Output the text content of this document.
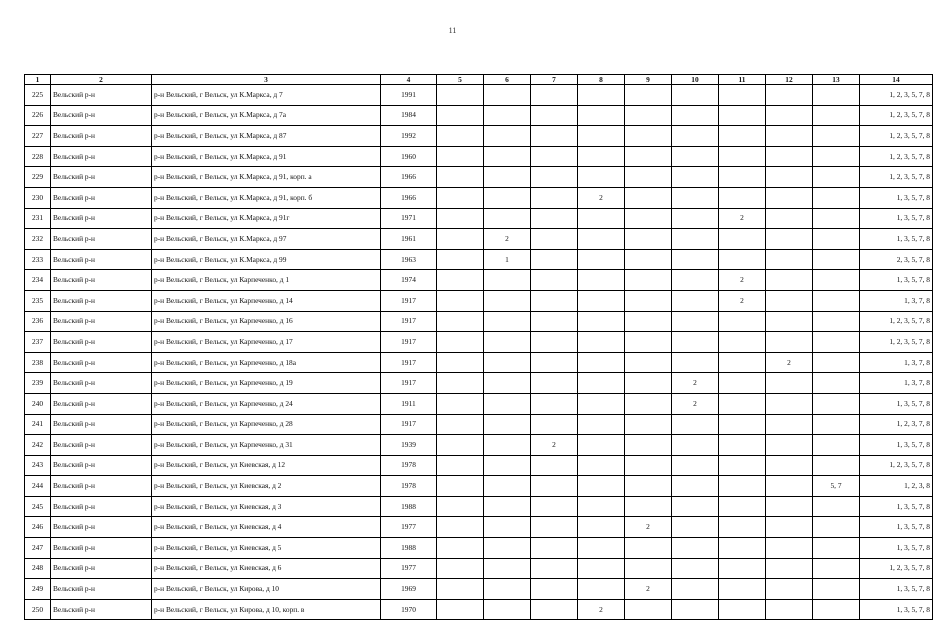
11
1	2	3	4	5	6	7	8	9	10	11	12	13	14
225	Вельский р-н	р-н Вельский, г Вельск, ул К.Маркса, д 7	1991										1, 2, 3, 5, 7, 8
226	Вельский р-н	р-н Вельский, г Вельск, ул К.Маркса, д 7а	1984										1, 2, 3, 5, 7, 8
227	Вельский р-н	р-н Вельский, г Вельск, ул К.Маркса, д 87	1992										1, 2, 3, 5, 7, 8
228	Вельский р-н	р-н Вельский, г Вельск, ул К.Маркса, д 91	1960										1, 2, 3, 5, 7, 8
229	Вельский р-н	р-н Вельский, г Вельск, ул К.Маркса, д 91, корп. а	1966										1, 2, 3, 5, 7, 8
230	Вельский р-н	р-н Вельский, г Вельск, ул К.Маркса, д 91, корп. б	1966				2						1, 3, 5, 7, 8
231	Вельский р-н	р-н Вельский, г Вельск, ул К.Маркса, д 91г	1971							2			1, 3, 5, 7, 8
232	Вельский р-н	р-н Вельский, г Вельск, ул К.Маркса, д 97	1961		2								1, 3, 5, 7, 8
233	Вельский р-н	р-н Вельский, г Вельск, ул К.Маркса, д 99	1963		1								2, 3, 5, 7, 8
234	Вельский р-н	р-н Вельский, г Вельск, ул Карпеченко, д 1	1974							2			1, 3, 5, 7, 8
235	Вельский р-н	р-н Вельский, г Вельск, ул Карпеченко, д 14	1917							2			1, 3, 7, 8
236	Вельский р-н	р-н Вельский, г Вельск, ул Карпеченко, д 16	1917										1, 2, 3, 5, 7, 8
237	Вельский р-н	р-н Вельский, г Вельск, ул Карпеченко, д 17	1917										1, 2, 3, 5, 7, 8
238	Вельский р-н	р-н Вельский, г Вельск, ул Карпеченко, д 18а	1917								2		1, 3, 7, 8
239	Вельский р-н	р-н Вельский, г Вельск, ул Карпеченко, д 19	1917						2				1, 3, 7, 8
240	Вельский р-н	р-н Вельский, г Вельск, ул Карпеченко, д 24	1911						2				1, 3, 5, 7, 8
241	Вельский р-н	р-н Вельский, г Вельск, ул Карпеченко, д 28	1917										1, 2, 3, 7, 8
242	Вельский р-н	р-н Вельский, г Вельск, ул Карпеченко, д 31	1939			2							1, 3, 5, 7, 8
243	Вельский р-н	р-н Вельский, г Вельск, ул Киевская, д 12	1978										1, 2, 3, 5, 7, 8
244	Вельский р-н	р-н Вельский, г Вельск, ул Киевская, д 2	1978									5, 7	1, 2, 3, 8
245	Вельский р-н	р-н Вельский, г Вельск, ул Киевская, д 3	1988										1, 3, 5, 7, 8
246	Вельский р-н	р-н Вельский, г Вельск, ул Киевская, д 4	1977					2					1, 3, 5, 7, 8
247	Вельский р-н	р-н Вельский, г Вельск, ул Киевская, д 5	1988										1, 3, 5, 7, 8
248	Вельский р-н	р-н Вельский, г Вельск, ул Киевская, д 6	1977										1, 2, 3, 5, 7, 8
249	Вельский р-н	р-н Вельский, г Вельск, ул Кирова, д 10	1969					2					1, 3, 5, 7, 8
250	Вельский р-н	р-н Вельский, г Вельск, ул Кирова, д 10, корп. в	1970				2						1, 3, 5, 7, 8
